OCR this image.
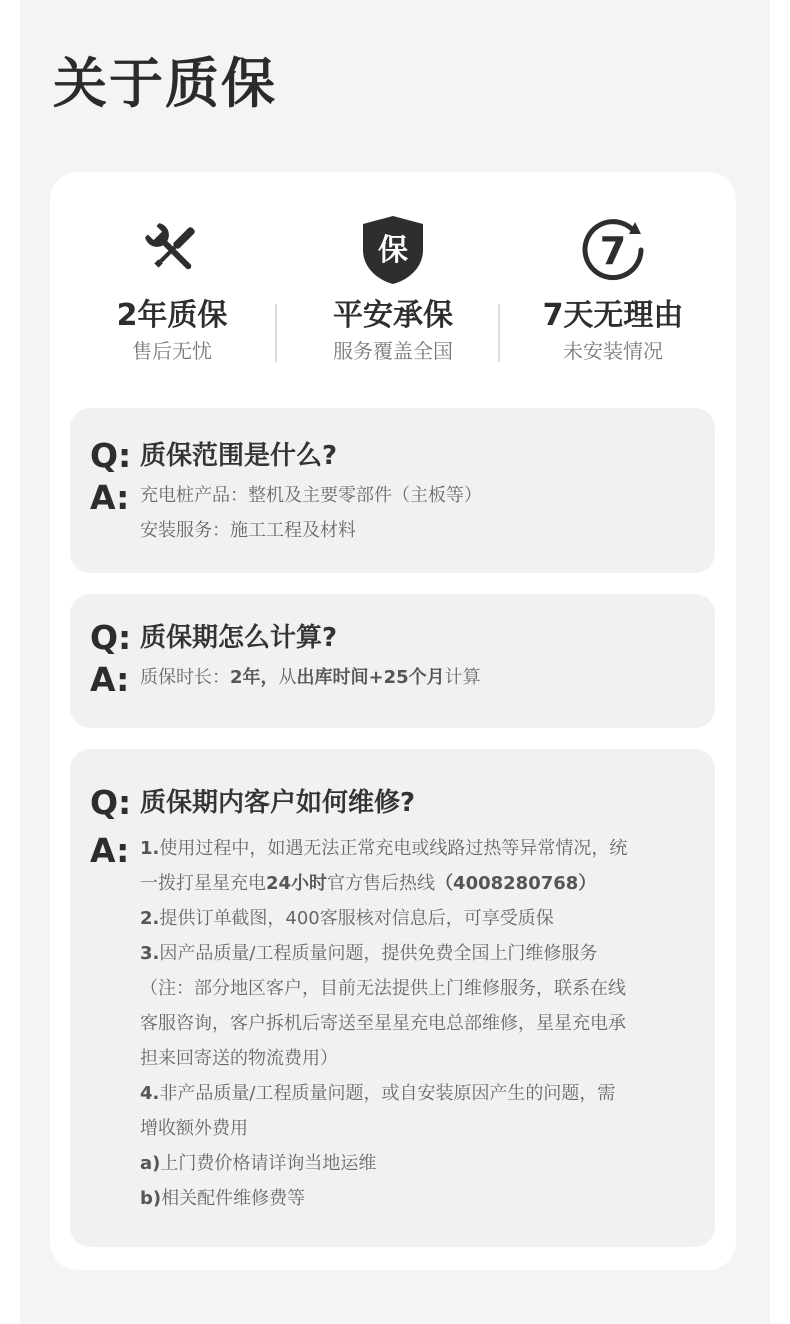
关于质保
2年质保
售后无忧
保
平安承保
服务覆盖全国
7
7天无理由
未安装情况
Q: 质保范围是什么?
A: 充电桩产品：整机及主要零部件（主板等）
安装服务：施工工程及材料
Q: 质保期怎么计算?
A: 质保时长：2年，从出库时间+25个月计算
Q: 质保期内客户如何维修?
A: 1.使用过程中，如遇无法正常充电或线路过热等异常情况，统
一拨打星星充电24小时官方售后热线（4008280768）
2.提供订单截图，400客服核对信息后，可享受质保
3.因产品质量/工程质量问题，提供免费全国上门维修服务
（注：部分地区客户，目前无法提供上门维修服务，联系在线
客服咨询，客户拆机后寄送至星星充电总部维修，星星充电承
担来回寄送的物流费用）
4.非产品质量/工程质量问题，或自安装原因产生的问题，需
增收额外费用
a)上门费价格请详询当地运维
b)相关配件维修费等
